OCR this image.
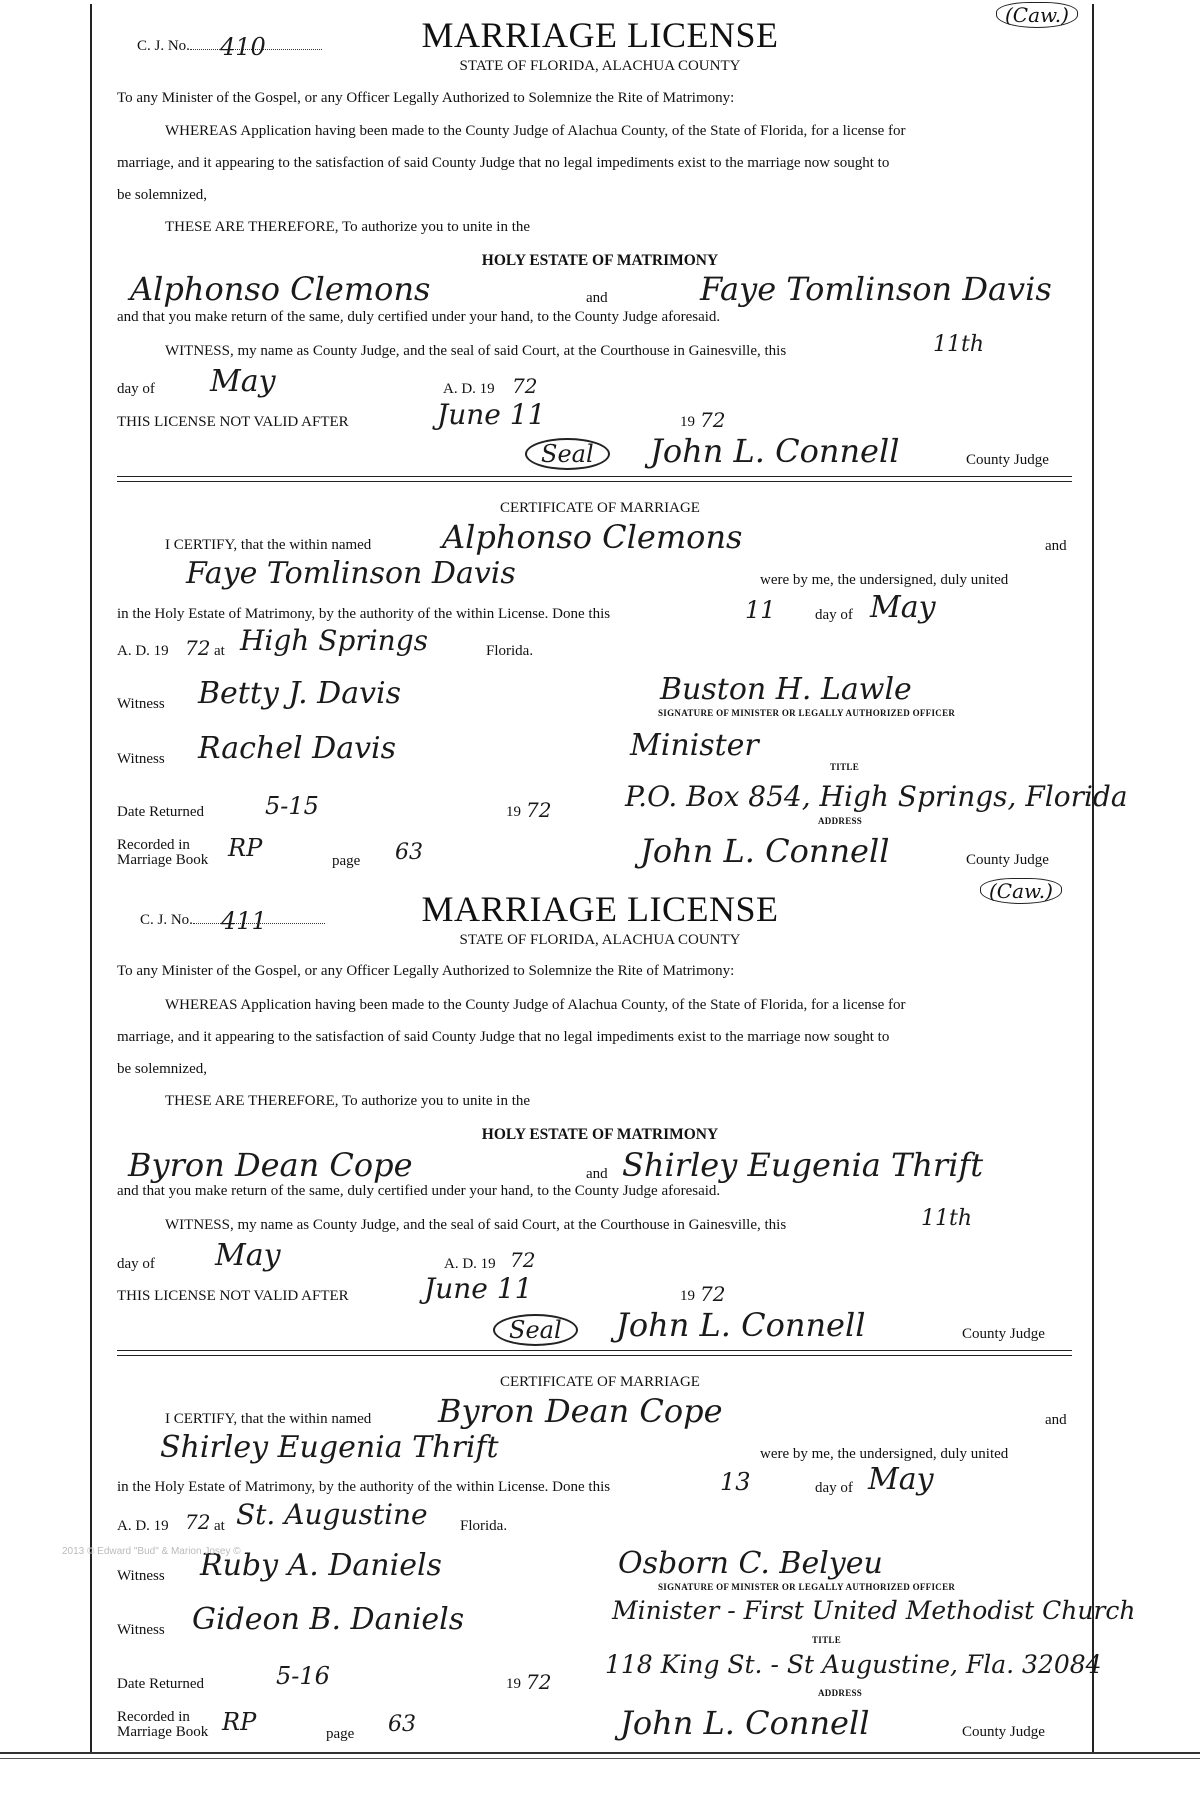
C. J. No. 410
(Caw.)
MARRIAGE LICENSE
STATE OF FLORIDA, ALACHUA COUNTY
To any Minister of the Gospel, or any Officer Legally Authorized to Solemnize the Rite of Matrimony:
WHEREAS Application having been made to the County Judge of Alachua County, of the State of Florida, for a license for
marriage, and it appearing to the satisfaction of said County Judge that no legal impediments exist to the marriage now sought to
be solemnized,
THESE ARE THEREFORE, To authorize you to unite in the
HOLY ESTATE OF MATRIMONY
Alphonso Clemons	and	Faye Tomlinson Davis
and that you make return of the same, duly certified under your hand, to the County Judge aforesaid.
WITNESS, my name as County Judge, and the seal of said Court, at the Courthouse in Gainesville, this	11th
day of May	A. D. 19 72
THIS LICENSE NOT VALID AFTER	June 11	19 72
Seal	John L. Connell	County Judge
CERTIFICATE OF MARRIAGE
I CERTIFY, that the within named	Alphonso Clemons	and
Faye Tomlinson Davis	were by me, the undersigned, duly united
in the Holy Estate of Matrimony, by the authority of the within License. Done this	11	day of May
A. D. 19 72 at High Springs	Florida.
Witness Betty J. Davis	Buston H. Lawle
SIGNATURE OF MINISTER OR LEGALLY AUTHORIZED OFFICER
Witness Rachel Davis	Minister
TITLE
Date Returned	5-15	19 72	P.O. Box 854, High Springs, Florida
ADDRESS
Recorded in
Marriage Book RP	page 63	John L. Connell	County Judge
C. J. No. 411
(Caw.)
MARRIAGE LICENSE
STATE OF FLORIDA, ALACHUA COUNTY
To any Minister of the Gospel, or any Officer Legally Authorized to Solemnize the Rite of Matrimony:
WHEREAS Application having been made to the County Judge of Alachua County, of the State of Florida, for a license for
marriage, and it appearing to the satisfaction of said County Judge that no legal impediments exist to the marriage now sought to
be solemnized,
THESE ARE THEREFORE, To authorize you to unite in the
HOLY ESTATE OF MATRIMONY
Byron Dean Cope	and Shirley Eugenia Thrift
and that you make return of the same, duly certified under your hand, to the County Judge aforesaid.
WITNESS, my name as County Judge, and the seal of said Court, at the Courthouse in Gainesville, this	11th
day of May	A. D. 19 72
THIS LICENSE NOT VALID AFTER	June 11	19 72
Seal	John L. Connell	County Judge
CERTIFICATE OF MARRIAGE
I CERTIFY, that the within named	Byron Dean Cope	and
Shirley Eugenia Thrift	were by me, the undersigned, duly united
in the Holy Estate of Matrimony, by the authority of the within License. Done this	13	day of May
A. D. 19 72 at St. Augustine Florida.
Witness Ruby A. Daniels	Osborn C. Belyeu
SIGNATURE OF MINISTER OR LEGALLY AUTHORIZED OFFICER
Witness Gideon B. Daniels	Minister - First United Methodist Church
TITLE
Date Returned	5-16	19 72
118 King St. - St Augustine, Fla. 32084
ADDRESS
Recorded in
Marriage Book RP	page 63	John L. Connell	County Judge
2013 © Edward "Bud" & Marion Josey ©
